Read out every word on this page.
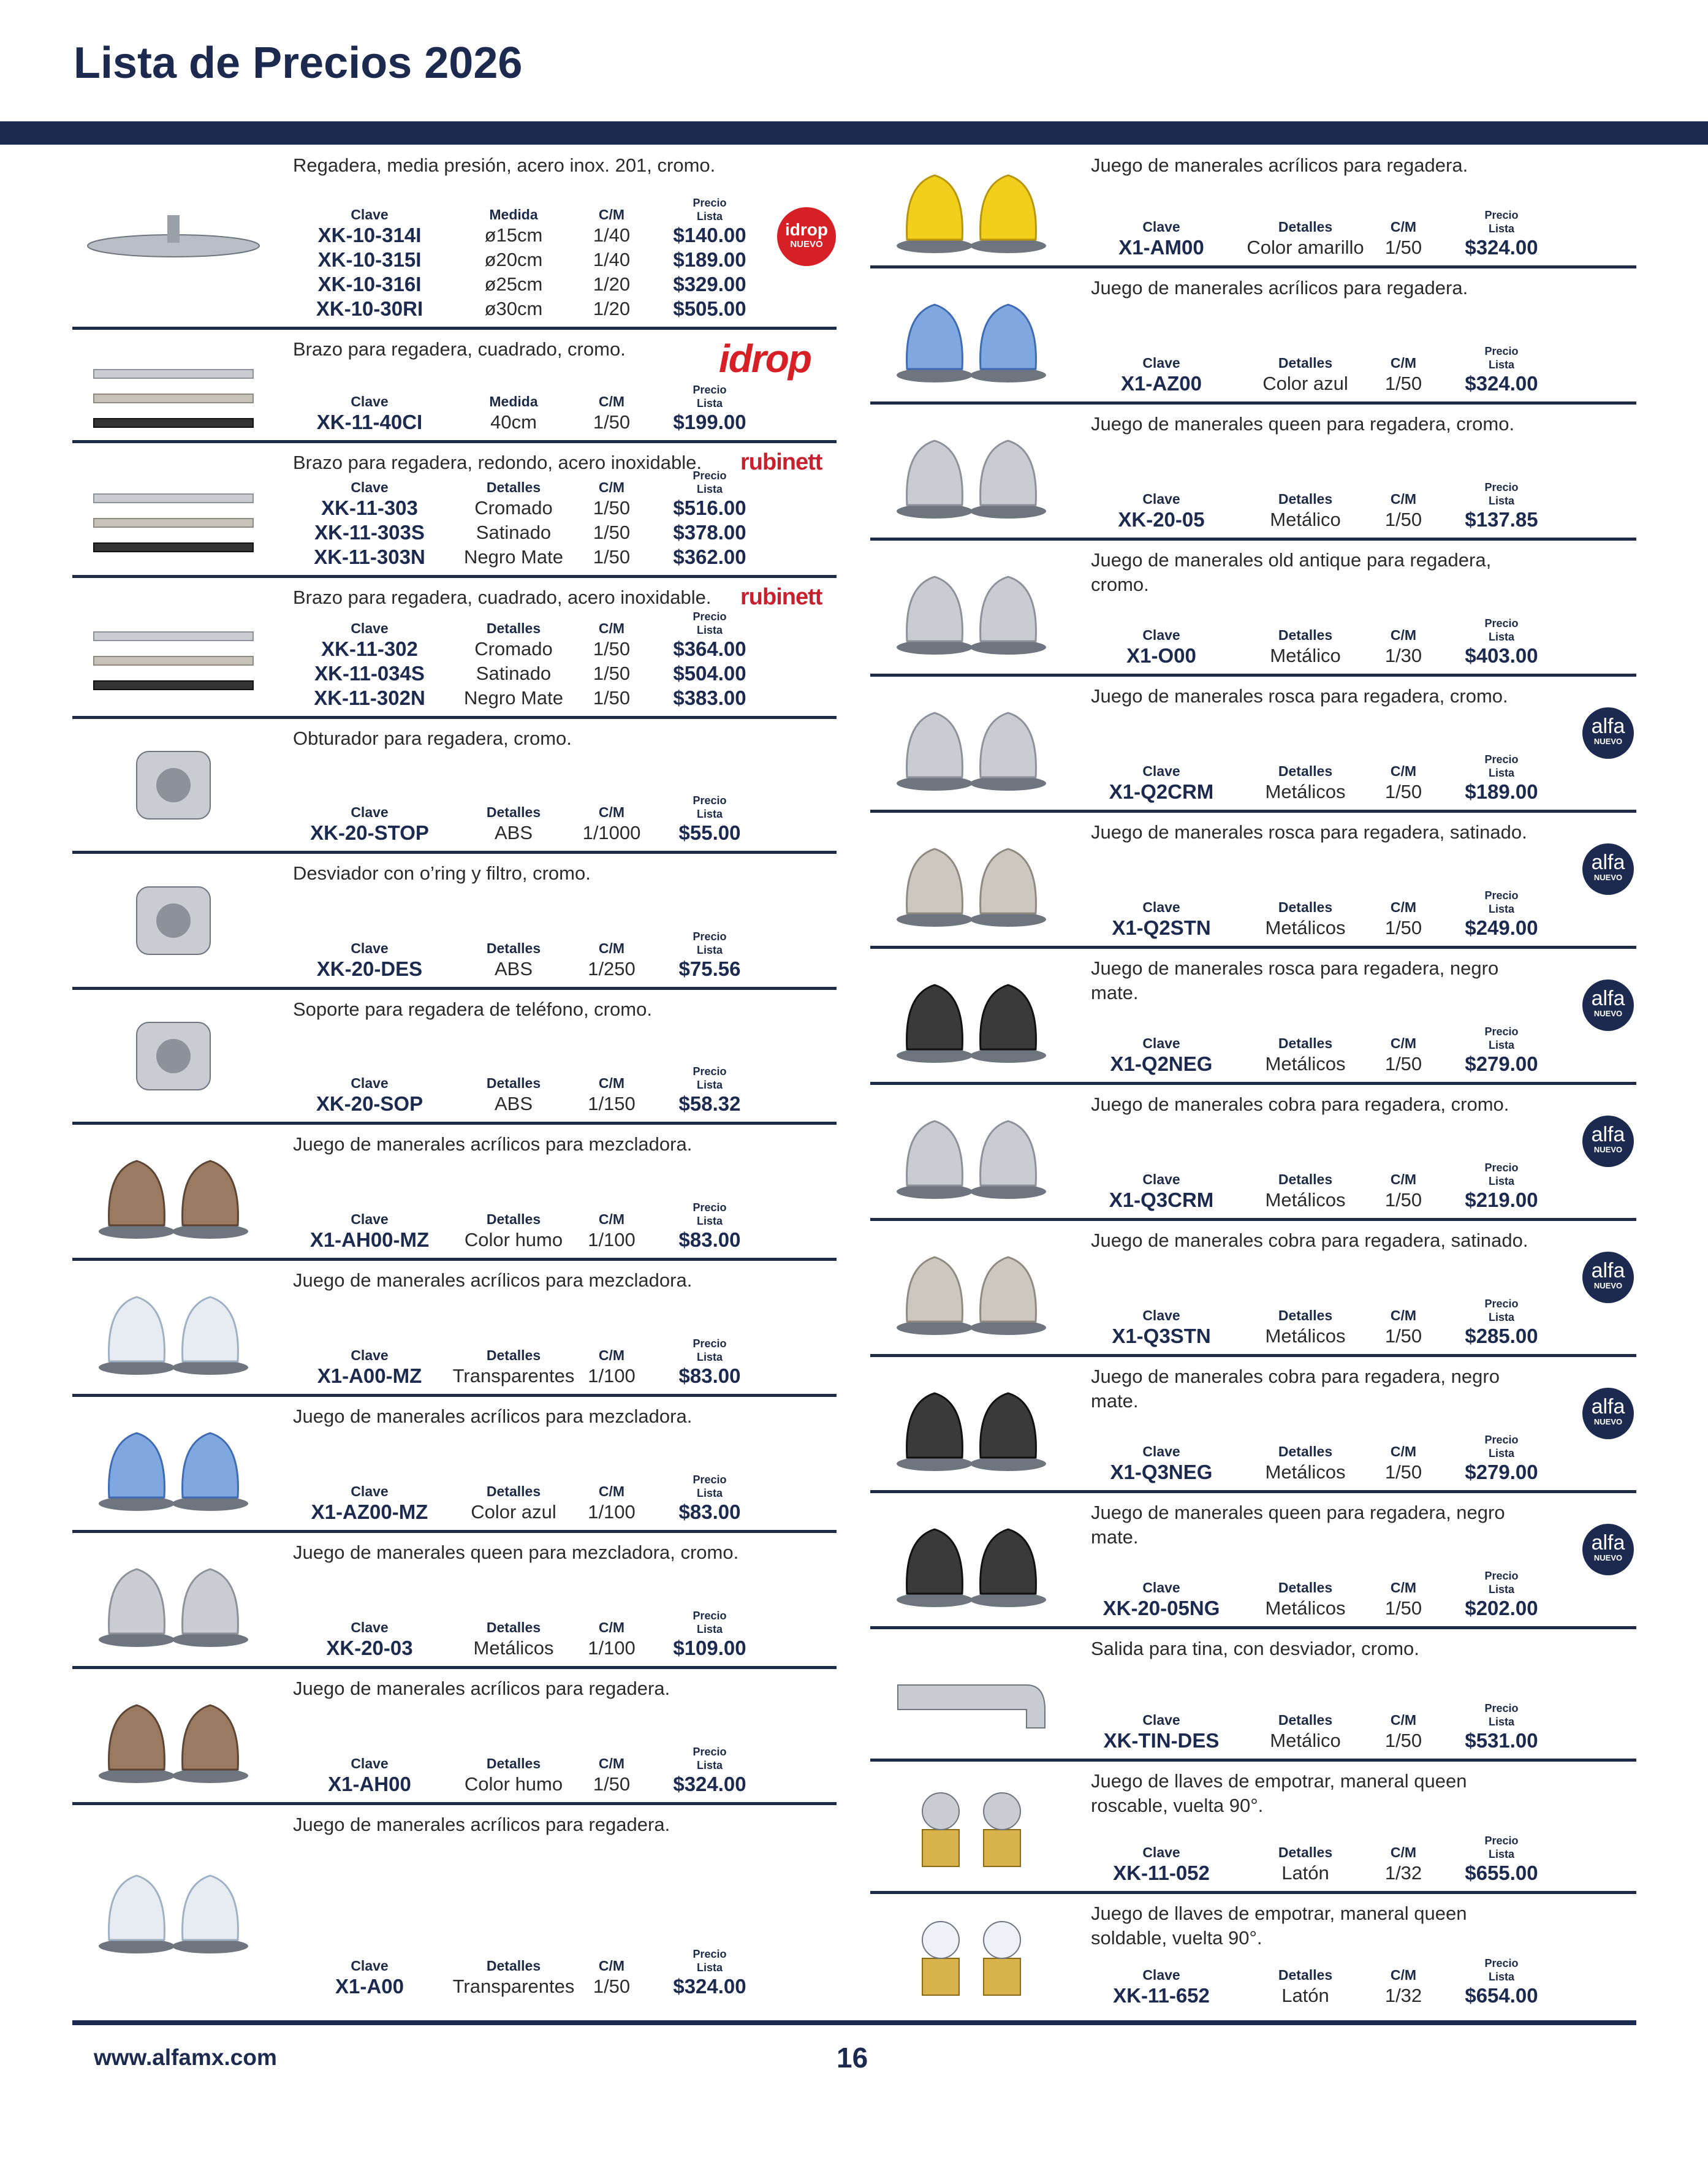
Lista de Precios 2026
Regadera, media presión, acero inox. 201, cromo.
Clave	Medida	C/M
Precio
Lista
XK-10-314I	ø15cm	1/40	$140.00
XK-10-315I	ø20cm	1/40	$189.00
XK-10-316I	ø25cm	1/20	$329.00
XK-10-30RI	ø30cm	1/20	$505.00
idrop
NUEVO
Brazo para regadera, cuadrado, cromo.
Clave	Medida	C/M
Precio
Lista
XK-11-40CI	40cm	1/50	$199.00
idrop
Brazo para regadera, redondo, acero inoxidable.
Clave	Detalles	C/M
Precio
Lista
XK-11-303	Cromado	1/50	$516.00
XK-11-303S	Satinado	1/50	$378.00
XK-11-303N	Negro Mate	1/50	$362.00
rubinett
Brazo para regadera, cuadrado, acero inoxidable.
Clave	Detalles	C/M
Precio
Lista
XK-11-302	Cromado	1/50	$364.00
XK-11-034S	Satinado	1/50	$504.00
XK-11-302N	Negro Mate	1/50	$383.00
rubinett
Obturador para regadera, cromo.
Clave	Detalles	C/M
Precio
Lista
XK-20-STOP	ABS	1/1000	$55.00
Desviador con o’ring y filtro, cromo.
Clave	Detalles	C/M
Precio
Lista
XK-20-DES	ABS	1/250	$75.56
Soporte para regadera de teléfono, cromo.
Clave	Detalles	C/M
Precio
Lista
XK-20-SOP	ABS	1/150	$58.32
Juego de manerales acrílicos para mezcladora.
Clave	Detalles	C/M
Precio
Lista
X1-AH00-MZ	Color humo	1/100	$83.00
Juego de manerales acrílicos para mezcladora.
Clave	Detalles	C/M
Precio
Lista
X1-A00-MZ	Transparentes 1/100	$83.00
Juego de manerales acrílicos para mezcladora.
Clave	Detalles	C/M
Precio
Lista
X1-AZ00-MZ	Color azul	1/100	$83.00
Juego de manerales queen para mezcladora, cromo.
Clave	Detalles	C/M
Precio
Lista
XK-20-03	Metálicos	1/100	$109.00
Juego de manerales acrílicos para regadera.
Clave	Detalles	C/M
Precio
Lista
X1-AH00	Color humo	1/50	$324.00
Juego de manerales acrílicos para regadera.
Clave	Detalles	C/M
Precio
Lista
X1-A00	Transparentes 1/50	$324.00
Juego de manerales acrílicos para regadera.
Clave	Detalles	C/M
Precio
Lista
X1-AM00	Color amarillo	1/50	$324.00
Juego de manerales acrílicos para regadera.
Clave	Detalles	C/M
Precio
Lista
X1-AZ00	Color azul	1/50	$324.00
Juego de manerales queen para regadera, cromo.
Clave	Detalles	C/M
Precio
Lista
XK-20-05	Metálico	1/50	$137.85
Juego de manerales old antique para regadera, cromo.
Clave	Detalles	C/M
Precio
Lista
X1-O00	Metálico	1/30	$403.00
Juego de manerales rosca para regadera, cromo.
Clave	Detalles	C/M
Precio
Lista
X1-Q2CRM	Metálicos	1/50	$189.00
alfa
NUEVO
Juego de manerales rosca para regadera, satinado.
Clave	Detalles	C/M
Precio
Lista
X1-Q2STN	Metálicos	1/50	$249.00
alfa
NUEVO
Juego de manerales rosca para regadera, negro mate.
Clave	Detalles	C/M
Precio
Lista
X1-Q2NEG	Metálicos	1/50	$279.00
alfa
NUEVO
Juego de manerales cobra para regadera, cromo.
Clave	Detalles	C/M
Precio
Lista
X1-Q3CRM	Metálicos	1/50	$219.00
alfa
NUEVO
Juego de manerales cobra para regadera, satinado.
Clave	Detalles	C/M
Precio
Lista
X1-Q3STN	Metálicos	1/50	$285.00
alfa
NUEVO
Juego de manerales cobra para regadera, negro mate.
Clave	Detalles	C/M
Precio
Lista
X1-Q3NEG	Metálicos	1/50	$279.00
alfa
NUEVO
Juego de manerales queen para regadera, negro mate.
Clave	Detalles	C/M
Precio
Lista
XK-20-05NG	Metálicos	1/50	$202.00
alfa
NUEVO
Salida para tina, con desviador, cromo.
Clave	Detalles	C/M
Precio
Lista
XK-TIN-DES	Metálico	1/50	$531.00
Juego de llaves de empotrar, maneral queen roscable, vuelta 90°.
Clave	Detalles	C/M
Precio
Lista
XK-11-052	Latón	1/32	$655.00
Juego de llaves de empotrar, maneral queen soldable, vuelta 90°.
Clave	Detalles	C/M
Precio
Lista
XK-11-652	Latón	1/32	$654.00
www.alfamx.com	16
